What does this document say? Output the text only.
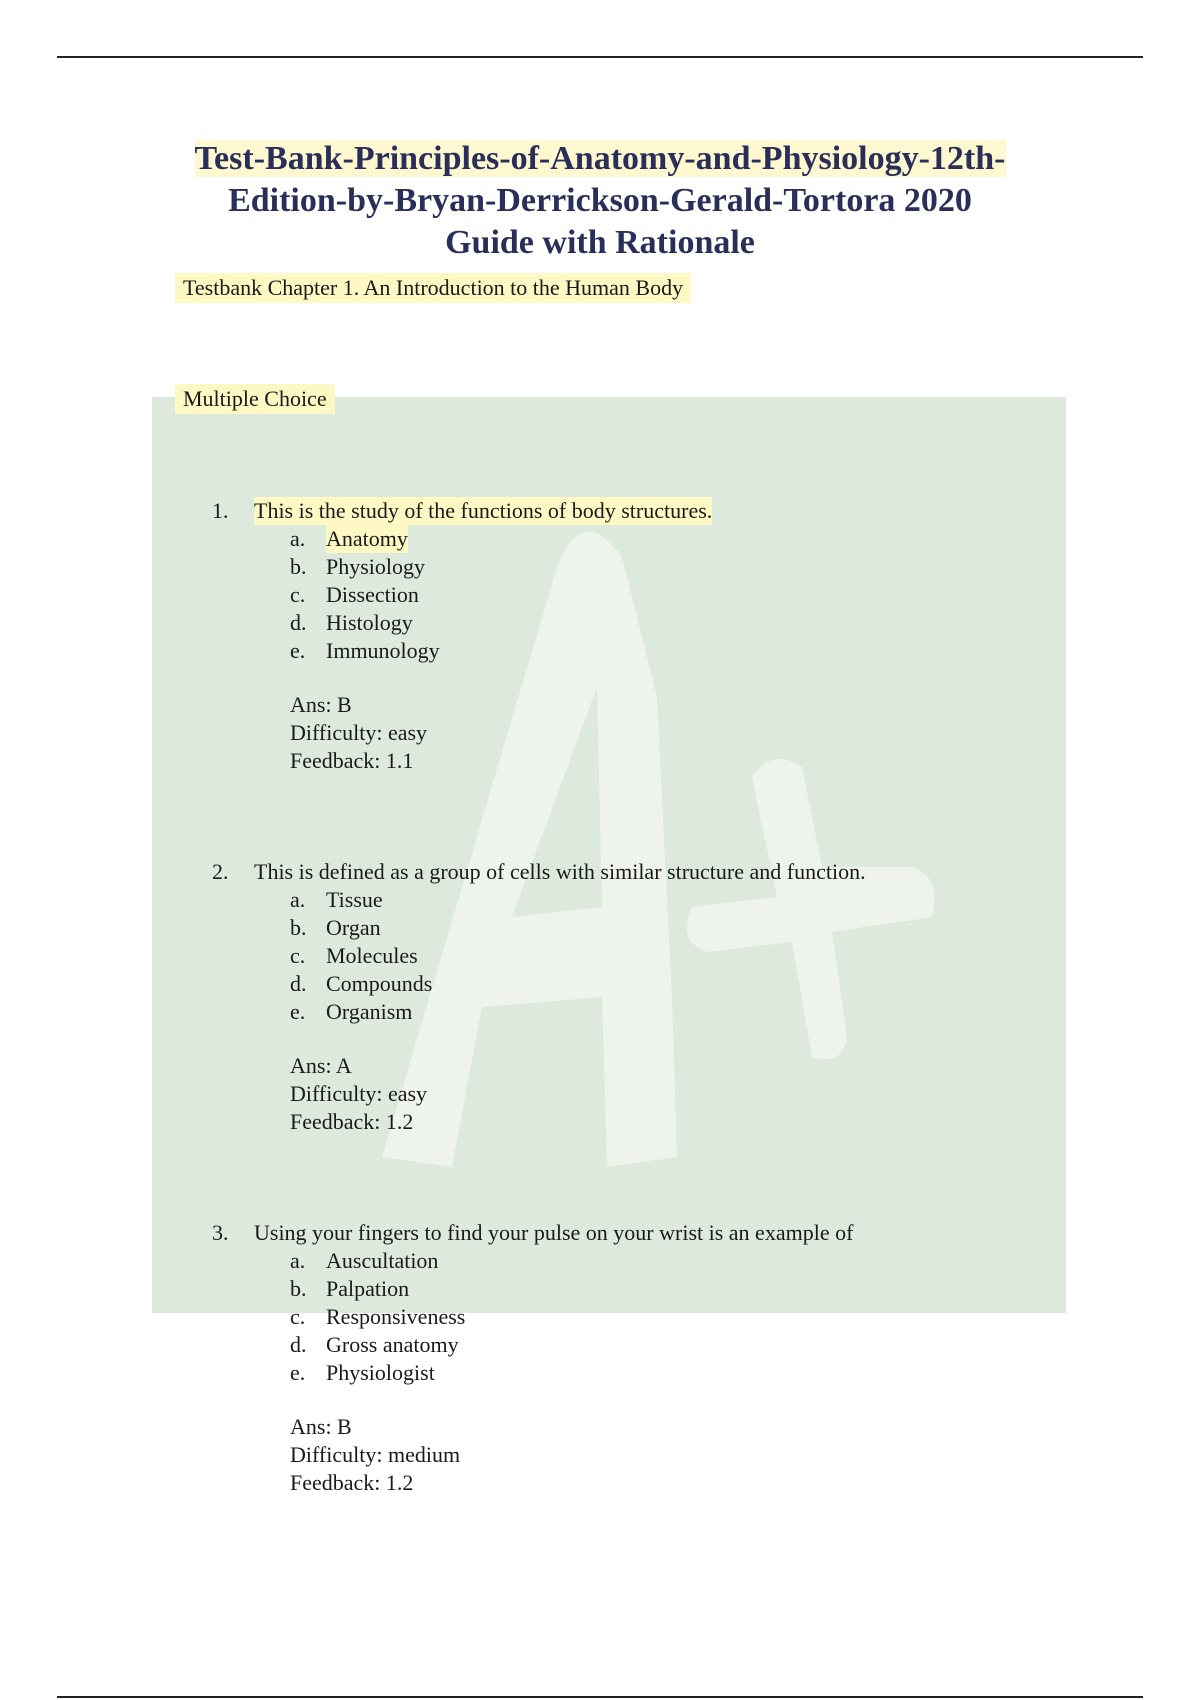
Test-Bank-Principles-of-Anatomy-and-Physiology-12th-
Edition-by-Bryan-Derrickson-Gerald-Tortora 2020
Guide with Rationale
Testbank Chapter 1. An Introduction to the Human Body
Multiple Choice
1.	This is the study of the functions of body structures.
a. Anatomy
b. Physiology
c. Dissection
d. Histology
e. Immunology
Ans: B
Difficulty: easy
Feedback: 1.1
2.	This is defined as a group of cells with similar structure and function.
a. Tissue
b. Organ
c. Molecules
d. Compounds
e. Organism
Ans: A
Difficulty: easy
Feedback: 1.2
3.	Using your fingers to find your pulse on your wrist is an example of
a. Auscultation
b. Palpation
c. Responsiveness
d. Gross anatomy
e. Physiologist
Ans: B
Difficulty: medium
Feedback: 1.2
